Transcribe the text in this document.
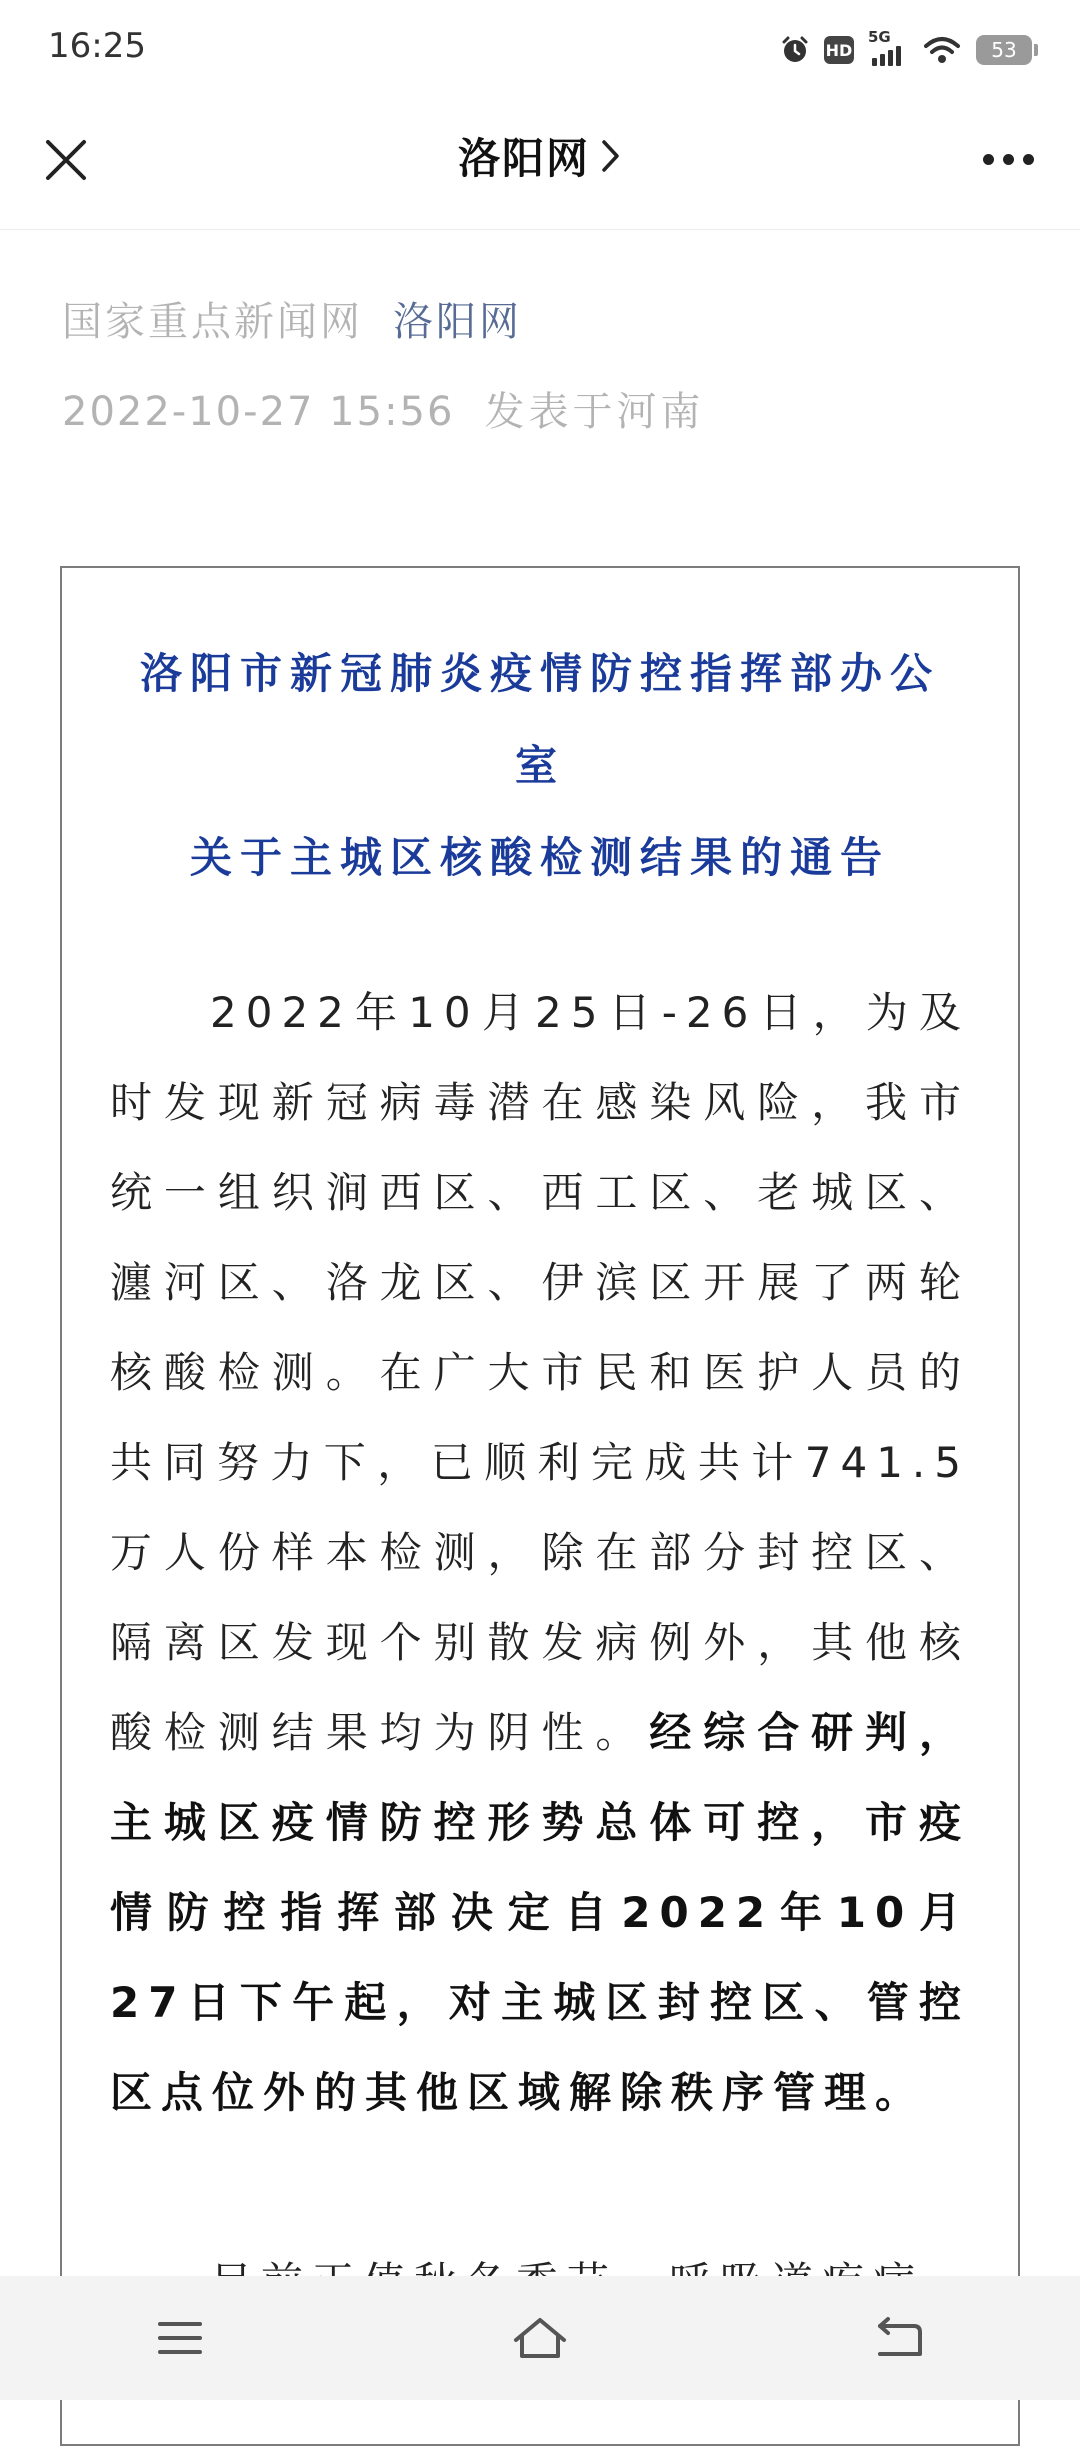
16:25	HD
5G
53
洛阳网
国家重点新闻网 洛阳网
2022-10-27 15:56 发表于河南
洛阳市新冠肺炎疫情防控指挥部办公室
关于主城区核酸检测结果的通告
2022年10月25日-26日，为及时发现新冠病毒潜在感染风险，我市统一组织涧西区、西工区、老城区、瀍河区、洛龙区、伊滨区开展了两轮核酸检测。在广大市民和医护人员的共同努力下，已顺利完成共计741.5万人份样本检测，除在部分封控区、隔离区发现个别散发病例外，其他核酸检测结果均为阴性。经综合研判，主城区疫情防控形势总体可控，市疫情防控指挥部决定自2022年10月27日下午起，对主城区封控区、管控区点位外的其他区域解除秩序管理。
